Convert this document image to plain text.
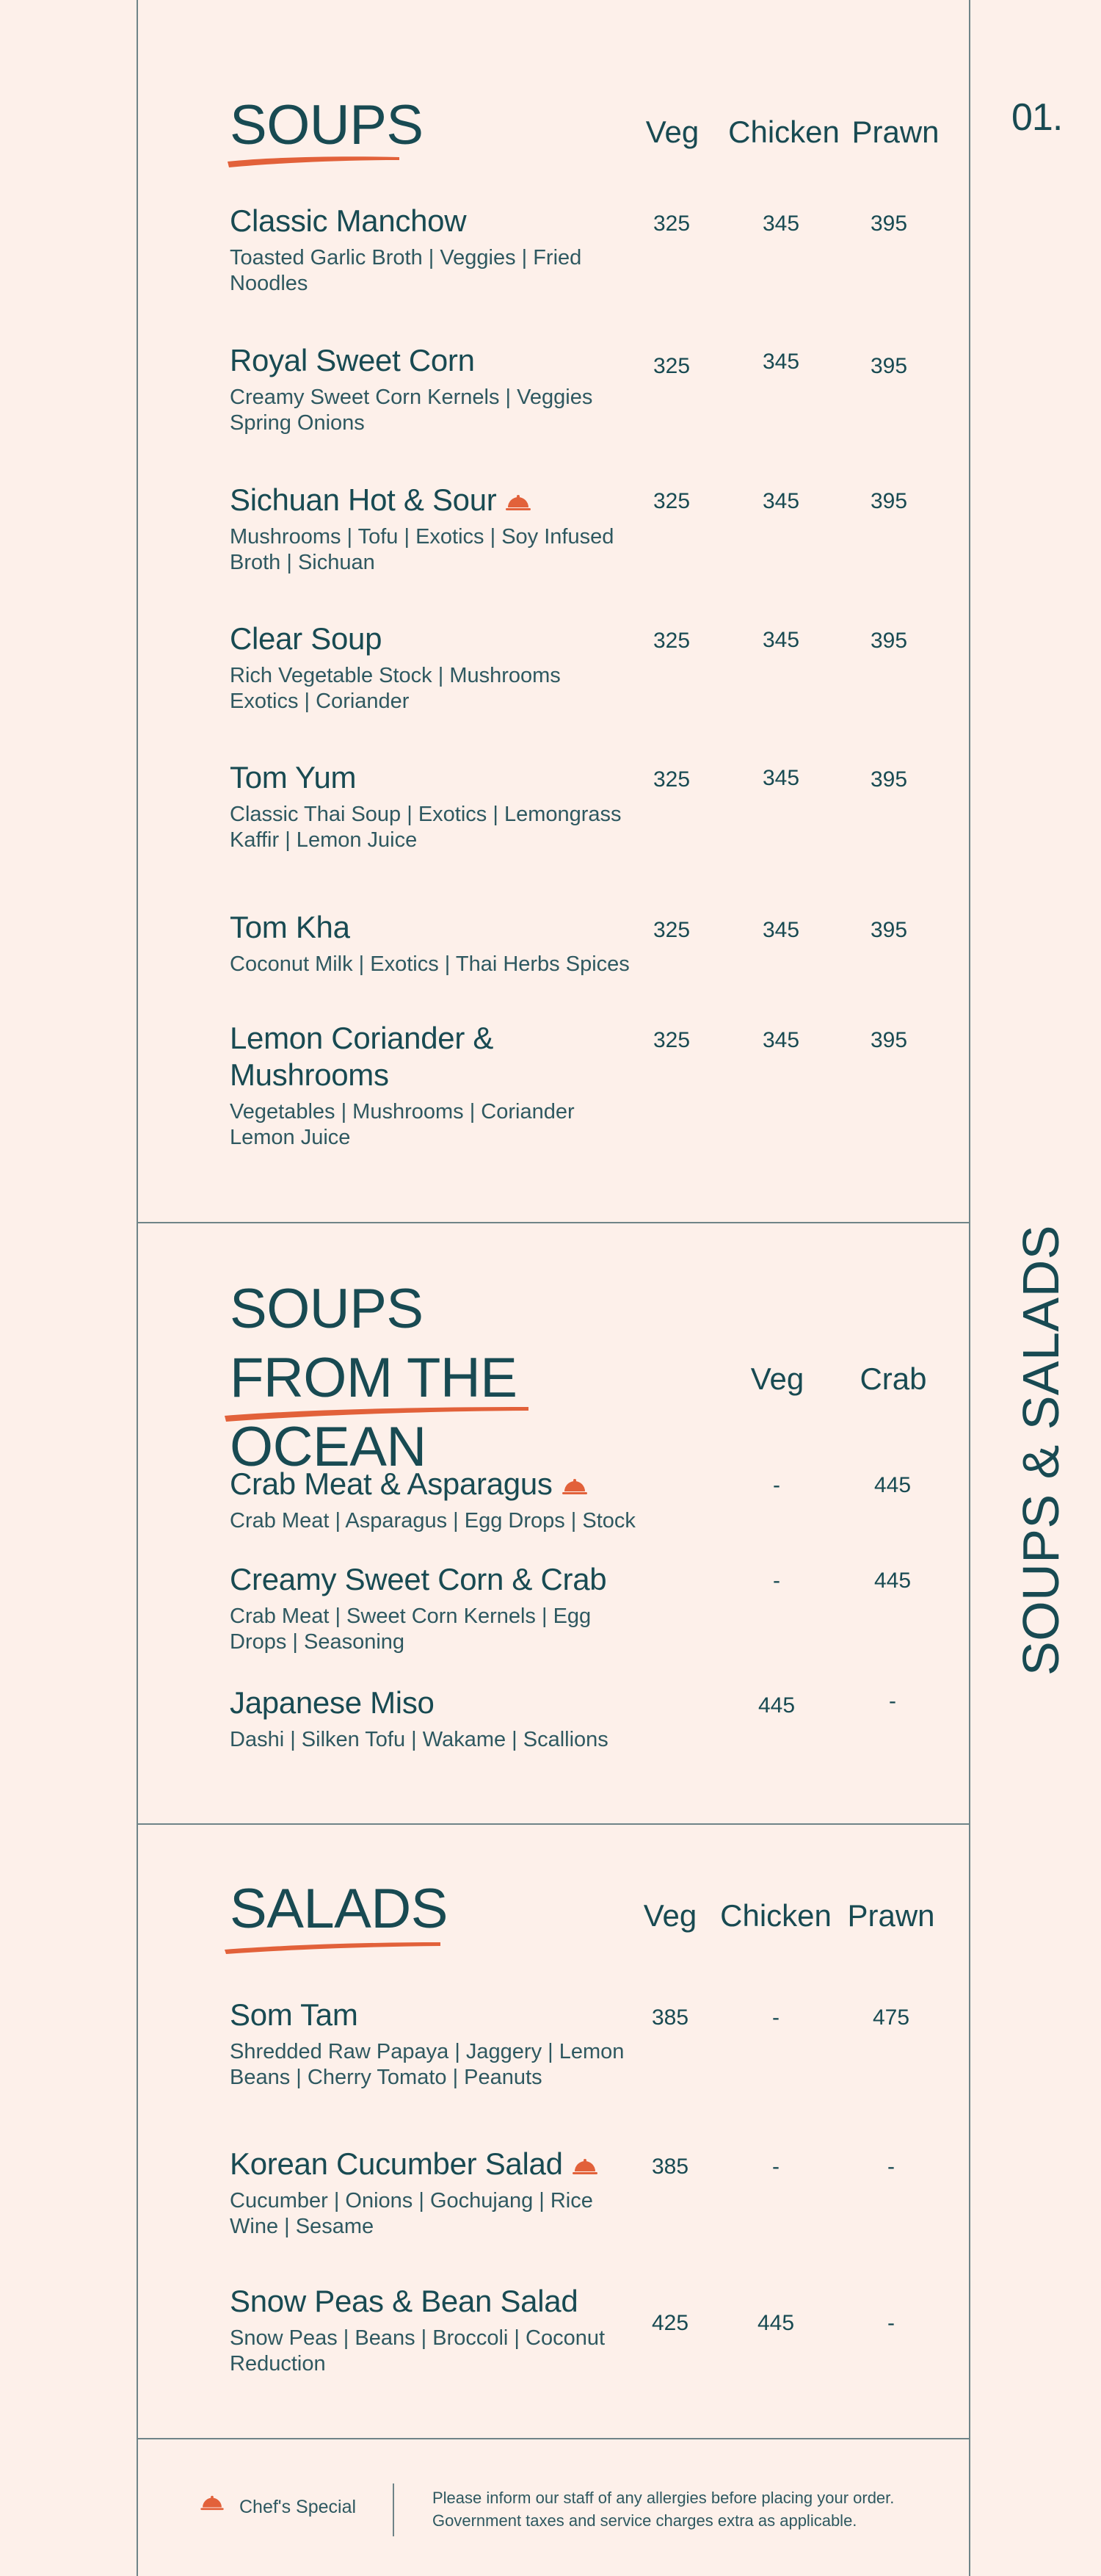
01.
SOUPS & SALADS
SOUPS	Veg Chicken Prawn
Classic Manchow

Toasted Garlic Broth | Veggies | Fried Noodles

325	345	395
Royal Sweet Corn

Creamy Sweet Corn Kernels | Veggies Spring Onions

325	345	395
Sichuan Hot & Sour

Mushrooms | Tofu | Exotics | Soy Infused Broth | Sichuan

325	345	395
Clear Soup

Rich Vegetable Stock | Mushrooms Exotics | Coriander

325	345	395
Tom Yum

Classic Thai Soup | Exotics | Lemongrass Kaffir | Lemon Juice

325	345	395
Tom Kha

Coconut Milk | Exotics | Thai Herbs Spices

325	345	395
Lemon Coriander & Mushrooms

Vegetables | Mushrooms | Coriander Lemon Juice

325	345	395
SOUPS FROM THE OCEAN
Veg Crab
Crab Meat & Asparagus

Crab Meat | Asparagus | Egg Drops | Stock

-	445
Creamy Sweet Corn & Crab

Crab Meat | Sweet Corn Kernels | Egg Drops | Seasoning

-	445
Japanese Miso

Dashi | Silken Tofu | Wakame | Scallions

445	-
SALADS	Veg Chicken Prawn
Som Tam

Shredded Raw Papaya | Jaggery | Lemon Beans | Cherry Tomato | Peanuts

385	-	475
Korean Cucumber Salad

Cucumber | Onions | Gochujang | Rice Wine | Sesame

385	-	-
Snow Peas & Bean Salad

Snow Peas | Beans | Broccoli | Coconut Reduction

425	445	-
Chef's Special	Please inform our staff of any allergies before placing your order.
Government taxes and service charges extra as applicable.
